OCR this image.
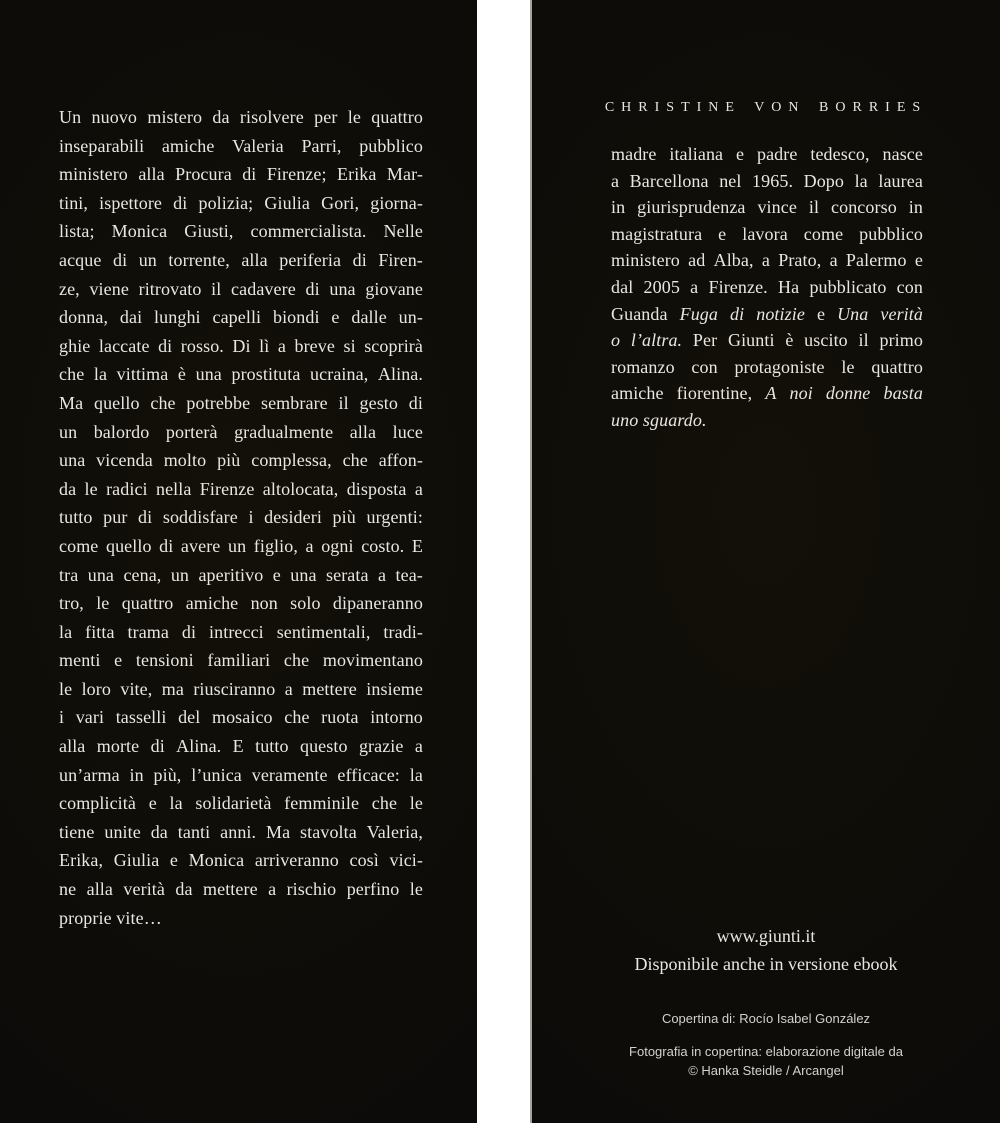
Un nuovo mistero da risolvere per le quattro
inseparabili amiche Valeria Parri, pubblico
ministero alla Procura di Firenze; Erika Mar-
tini, ispettore di polizia; Giulia Gori, giorna-
lista; Monica Giusti, commercialista. Nelle
acque di un torrente, alla periferia di Firen-
ze, viene ritrovato il cadavere di una giovane
donna, dai lunghi capelli biondi e dalle un-
ghie laccate di rosso. Di lì a breve si scoprirà
che la vittima è una prostituta ucraina, Alina.
Ma quello che potrebbe sembrare il gesto di
un balordo porterà gradualmente alla luce
una vicenda molto più complessa, che affon-
da le radici nella Firenze altolocata, disposta a
tutto pur di soddisfare i desideri più urgenti:
come quello di avere un figlio, a ogni costo. E
tra una cena, un aperitivo e una serata a tea-
tro, le quattro amiche non solo dipaneranno
la fitta trama di intrecci sentimentali, tradi-
menti e tensioni familiari che movimentano
le loro vite, ma riusciranno a mettere insieme
i vari tasselli del mosaico che ruota intorno
alla morte di Alina. E tutto questo grazie a
un’arma in più, l’unica veramente efficace: la
complicità e la solidarietà femminile che le
tiene unite da tanti anni. Ma stavolta Valeria,
Erika, Giulia e Monica arriveranno così vici-
ne alla verità da mettere a rischio perfino le
proprie vite…
CHRISTINE VON BORRIES
madre italiana e padre tedesco, nasce
a Barcellona nel 1965. Dopo la laurea
in giurisprudenza vince il concorso in
magistratura e lavora come pubblico
ministero ad Alba, a Prato, a Palermo e
dal 2005 a Firenze. Ha pubblicato con
Guanda Fuga di notizie e Una verità
o l’altra. Per Giunti è uscito il primo
romanzo con protagoniste le quattro
amiche fiorentine, A noi donne basta
uno sguardo.
www.giunti.it
Disponibile anche in versione ebook
Copertina di: Rocío Isabel González
Fotografia in copertina: elaborazione digitale da
© Hanka Steidle / Arcangel
